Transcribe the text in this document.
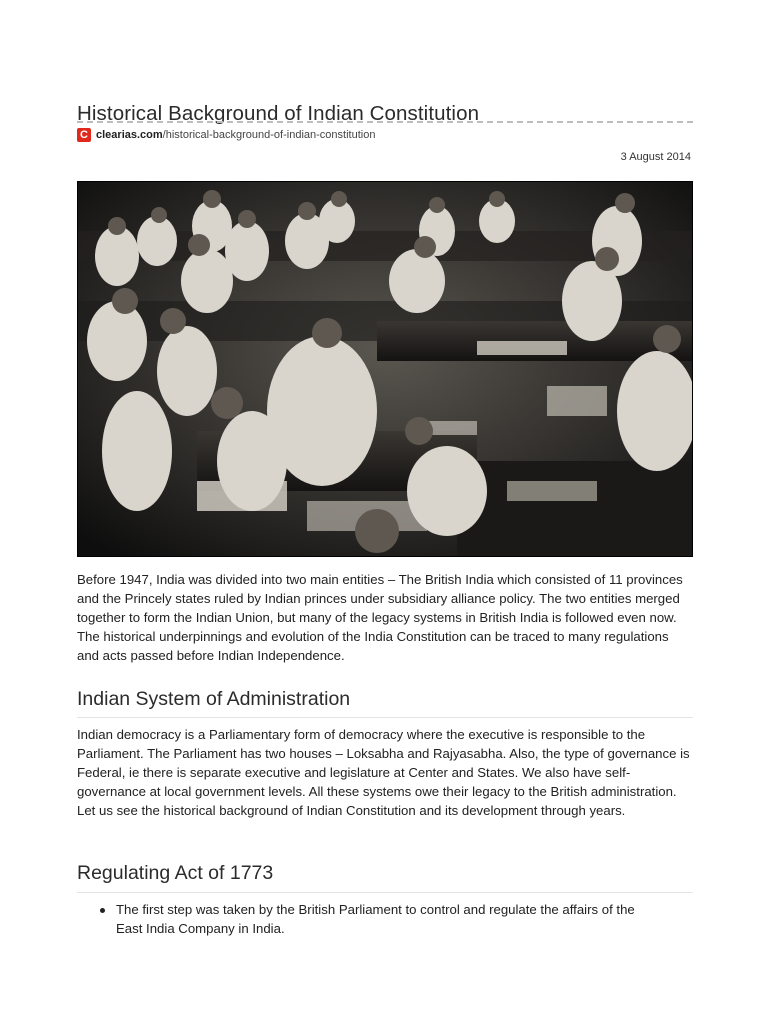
Historical Background of Indian Constitution
C clearias.com /historical-background-of-indian-constitution
3 August 2014

Before 1947, India was divided into two main entities – The British India which consisted of 11 provinces and the Princely states ruled by Indian princes under subsidiary alliance policy. The two entities merged together to form the Indian Union, but many of the legacy systems in British India is followed even now. The historical underpinnings and evolution of the India Constitution can be traced to many regulations and acts passed before Indian Independence.

Indian System of Administration

Indian democracy is a Parliamentary form of democracy where the executive is responsible to the Parliament. The Parliament has two houses – Loksabha and Rajyasabha. Also, the type of governance is Federal, ie there is separate executive and legislature at Center and States. We also have self-governance at local government levels. All these systems owe their legacy to the British administration. Let us see the historical background of Indian Constitution and its development through years.

Regulating Act of 1773
The first step was taken by the British Parliament to control and regulate the affairs of the East India Company in India.
